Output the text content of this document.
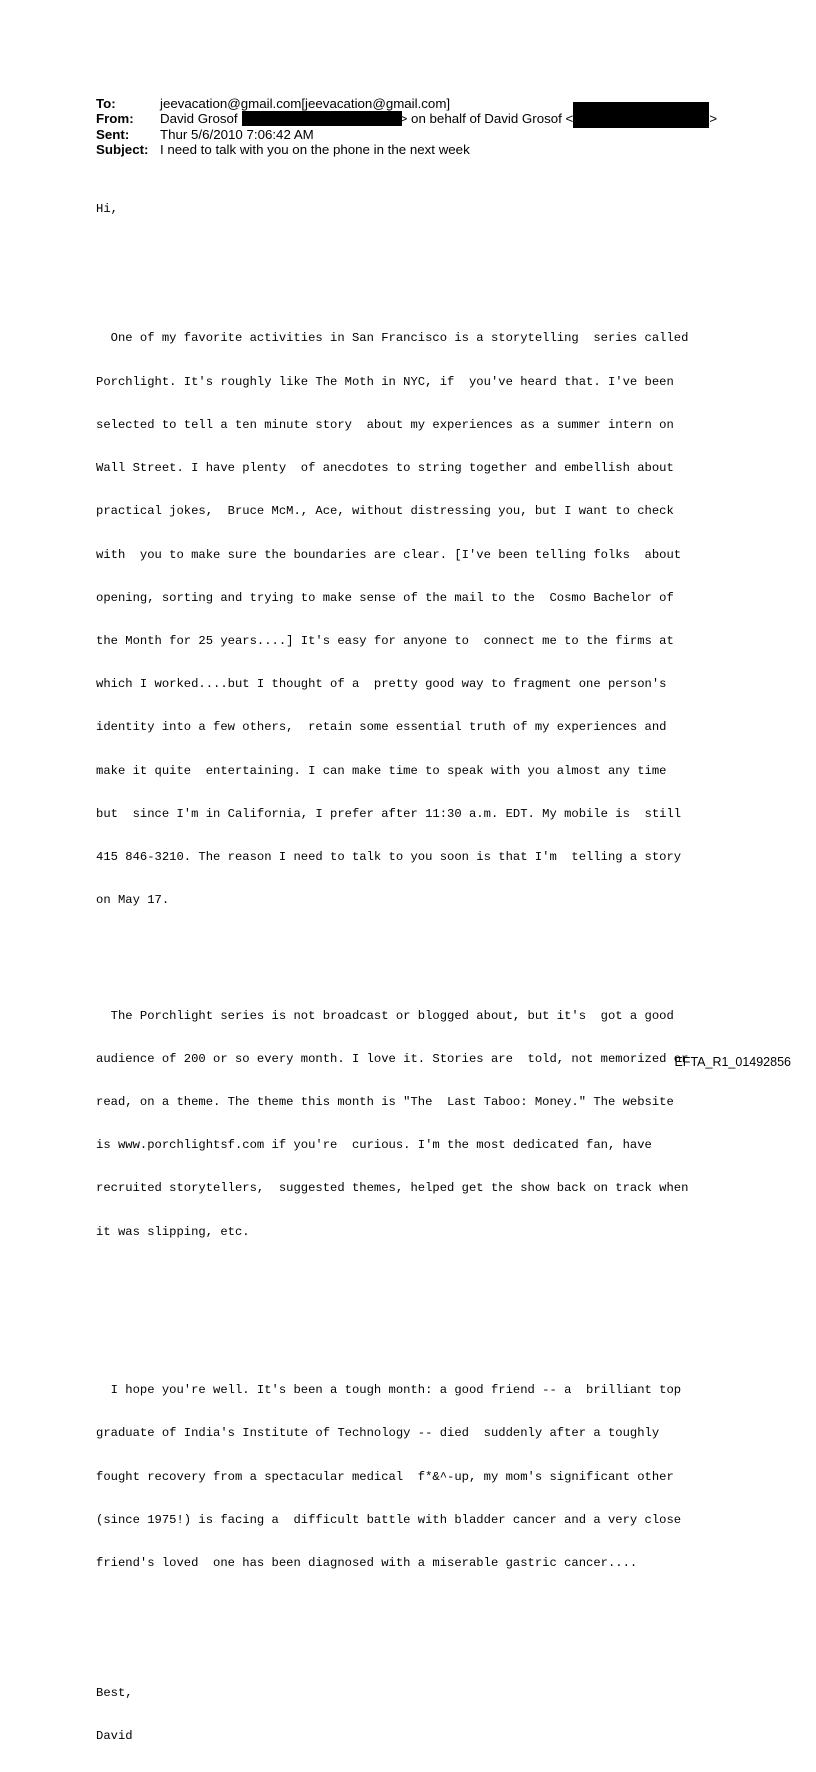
To:	jeevacation@gmail.com[jeevacation@gmail.com]
From:	David Grosof	> on behalf of David Grosof <	>
Sent:	Thur 5/6/2010 7:06:42 AM
Subject: I need to talk with you on the phone in the next week

Hi,

One of my favorite activities in San Francisco is a storytelling  series called

Porchlight. It's roughly like The Moth in NYC, if  you've heard that. I've been

selected to tell a ten minute story  about my experiences as a summer intern on

Wall Street. I have plenty  of anecdotes to string together and embellish about

practical jokes,  Bruce McM., Ace, without distressing you, but I want to check

with  you to make sure the boundaries are clear. [I've been telling folks  about

opening, sorting and trying to make sense of the mail to the  Cosmo Bachelor of

the Month for 25 years....] It's easy for anyone to  connect me to the firms at

which I worked....but I thought of a  pretty good way to fragment one person's

identity into a few others,  retain some essential truth of my experiences and

make it quite  entertaining. I can make time to speak with you almost any time

but  since I'm in California, I prefer after 11:30 a.m. EDT. My mobile is  still

415 846-3210. The reason I need to talk to you soon is that I'm  telling a story

on May 17.

The Porchlight series is not broadcast or blogged about, but it's  got a good

audience of 200 or so every month. I love it. Stories are  told, not memorized or

read, on a theme. The theme this month is "The  Last Taboo: Money." The website

is www.porchlightsf.com if you're  curious. I'm the most dedicated fan, have

recruited storytellers,  suggested themes, helped get the show back on track when

it was slipping, etc.

I hope you're well. It's been a tough month: a good friend -- a  brilliant top

graduate of India's Institute of Technology -- died  suddenly after a toughly

fought recovery from a spectacular medical  f*&^-up, my mom's significant other

(since 1975!) is facing a  difficult battle with bladder cancer and a very close

friend's loved  one has been diagnosed with a miserable gastric cancer....

Best,

David

EFTA_R1_01492856
